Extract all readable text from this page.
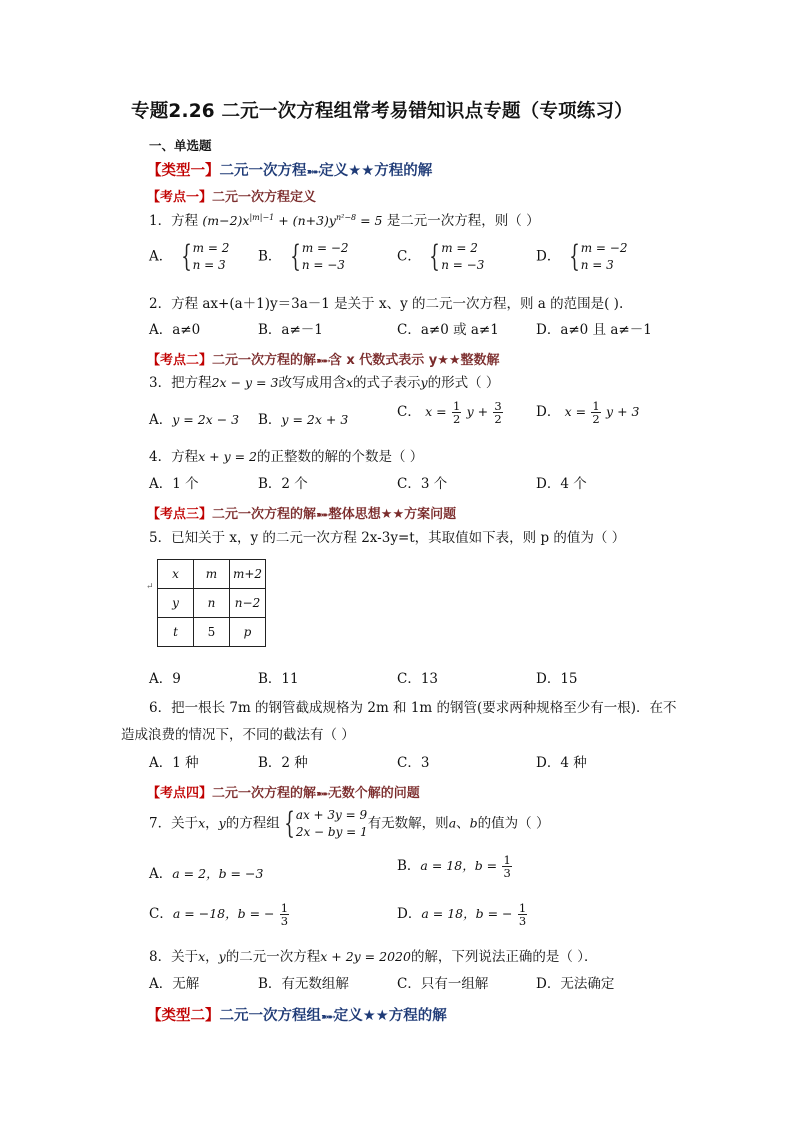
专题2.26 二元一次方程组常考易错知识点专题（专项练习）
一、单选题
【类型一】二元一次方程➽➼定义★★方程的解
【考点一】二元一次方程定义
1．方程 $(m-2)x^{|m|-1} + (n+3)y^{n^2-8} = 5$ 是二元一次方程，则（ ）
A． { m = 2
n = 3
B． { m = −2
n = −3
C． { m = 2
n = −3
D． { m = −2
n = 3
2．方程 ax+(a＋1)y＝3a－1 是关于 x、y 的二元一次方程，则 a 的范围是( ).
A．a≠0	B．a≠－1	C．a≠0 或 a≠1	D．a≠0 且 a≠－1
【考点二】二元一次方程的解➽➼含 x 代数式表示 y★★整数解
3．把方程2x − y = 3改写成用含x的式子表示y的形式（ ）
A．y = 2x − 3 B．y = 2x + 3	C． $x = \frac{1}{2}$ $y + \frac{3}{2}$ D． $x = \frac{1}{2}$ y + 3
4．方程x + y = 2的正整数的解的个数是（ ）
A．1 个	B．2 个	C．3 个	D．4 个
【考点三】二元一次方程的解➽➼整体思想★★方案问题
5．已知关于 x，y 的二元一次方程 2x-3y=t，其取值如下表，则 p 的值为（ ）
↵
x	m	m+2
y	n	n−2
t	5	p
A．9	B．11	C．13	D．15
6．把一根长 7m 的钢管截成规格为 2m 和 1m 的钢管(要求两种规格至少有一根)．在不
造成浪费的情况下，不同的截法有（ ）
A．1 种	B．2 种	C．3	D．4 种
【考点四】二元一次方程的解➽➼无数个解的问题
7．关于x，y的方程组 { ax + 3y = 9
2x − by = 1
有无数解，则a、b的值为（ ）
A．a = 2，b = −3	B．a = 18，$b = \frac{1}{3}$
C．a = −18，b = − $\frac{1}{3}$	D．a = 18，b = − $\frac{1}{3}$
8．关于x，y的二元一次方程x + 2y = 2020的解，下列说法正确的是（ ）．
A．无解	B．有无数组解	C．只有一组解	D．无法确定
【类型二】二元一次方程组➽➼定义★★方程的解
